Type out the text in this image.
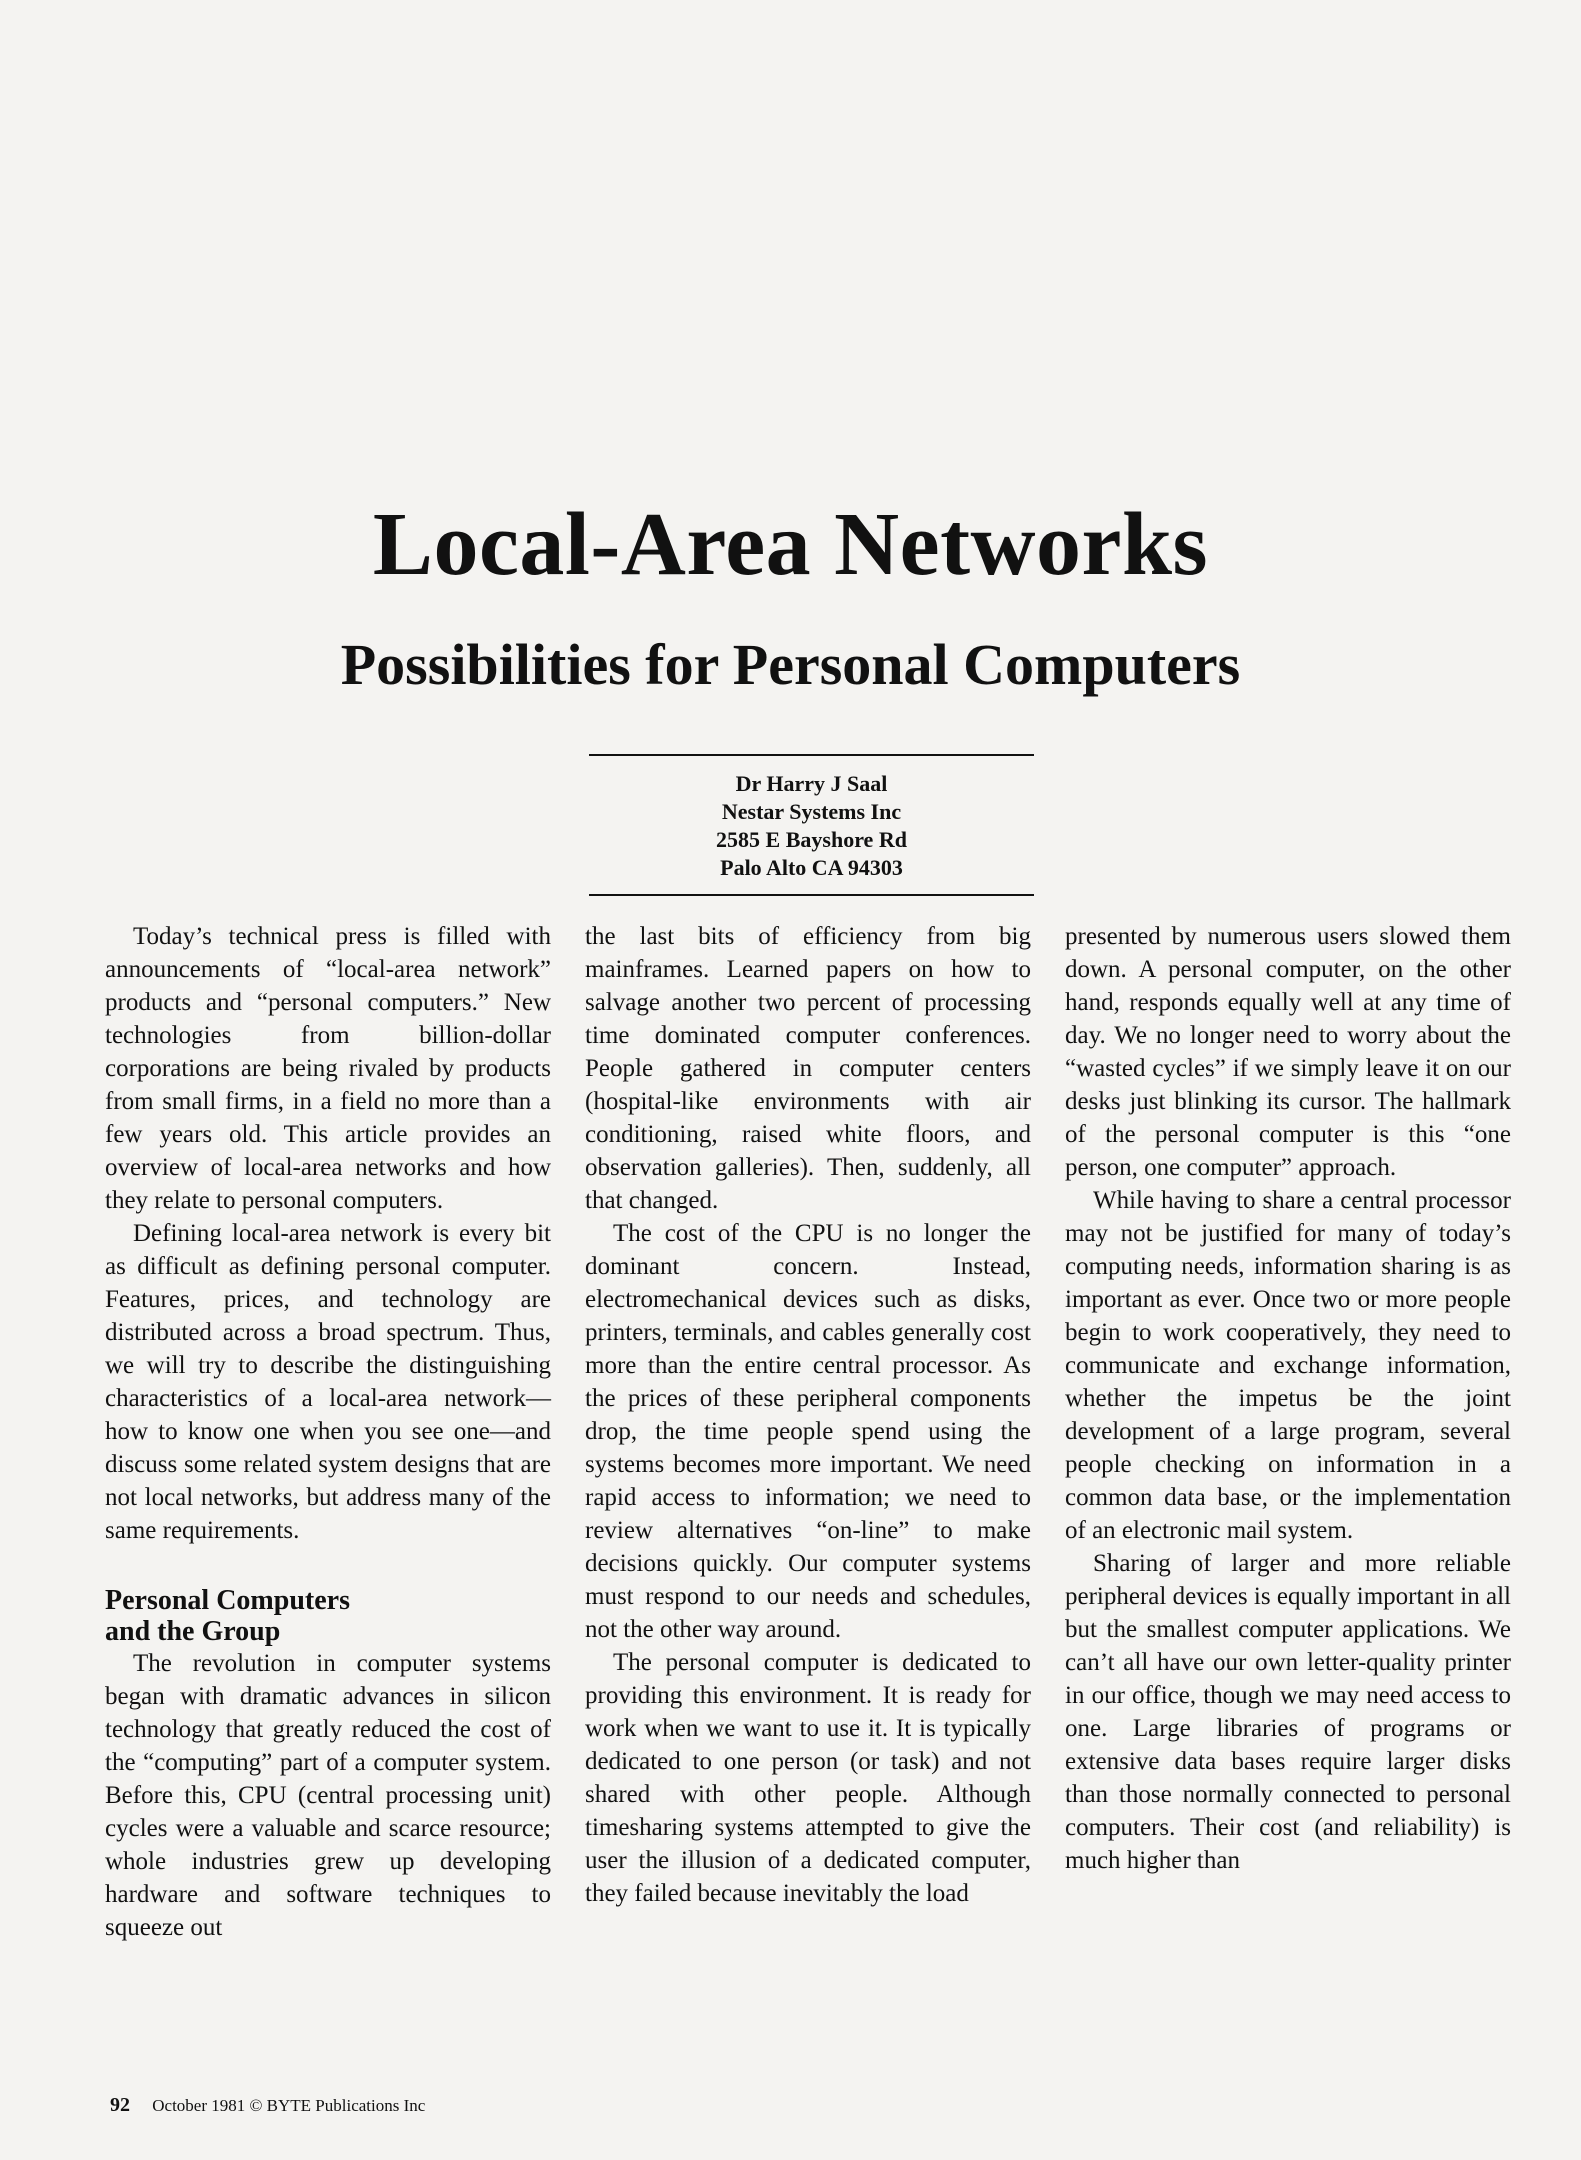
Local-Area Networks
Possibilities for Personal Computers
Dr Harry J Saal
Nestar Systems Inc
2585 E Bayshore Rd
Palo Alto CA 94303

Today’s technical press is filled with announcements of “local-area network” products and “personal computers.” New technologies from billion-dollar corporations are being rivaled by products from small firms, in a field no more than a few years old. This article provides an overview of local-area networks and how they relate to personal computers.

Defining local-area network is every bit as difficult as defining personal computer. Features, prices, and technology are distributed across a broad spectrum. Thus, we will try to describe the distinguishing characteristics of a local-area network—how to know one when you see one—and discuss some related system designs that are not local networks, but address many of the same requirements.

Personal Computers
and the Group

The revolution in computer systems began with dramatic advances in silicon technology that greatly reduced the cost of the “computing” part of a computer system. Before this, CPU (central processing unit) cycles were a valuable and scarce resource; whole industries grew up developing hardware and software techniques to squeeze out

the last bits of efficiency from big mainframes. Learned papers on how to salvage another two percent of processing time dominated computer conferences. People gathered in computer centers (hospital-like environments with air conditioning, raised white floors, and observation galleries). Then, suddenly, all that changed.

The cost of the CPU is no longer the dominant concern. Instead, electromechanical devices such as disks, printers, terminals, and cables generally cost more than the entire central processor. As the prices of these peripheral components drop, the time people spend using the systems becomes more important. We need rapid access to information; we need to review alternatives “on-line” to make decisions quickly. Our computer systems must respond to our needs and schedules, not the other way around.

The personal computer is dedicated to providing this environment. It is ready for work when we want to use it. It is typically dedicated to one person (or task) and not shared with other people. Although timesharing systems attempted to give the user the illusion of a dedicated computer, they failed because inevitably the load

presented by numerous users slowed them down. A personal computer, on the other hand, responds equally well at any time of day. We no longer need to worry about the “wasted cycles” if we simply leave it on our desks just blinking its cursor. The hallmark of the personal computer is this “one person, one computer” approach.

While having to share a central processor may not be justified for many of today’s computing needs, information sharing is as important as ever. Once two or more people begin to work cooperatively, they need to communicate and exchange information, whether the impetus be the joint development of a large program, several people checking on information in a common data base, or the implementation of an electronic mail system.

Sharing of larger and more reliable peripheral devices is equally important in all but the smallest computer applications. We can’t all have our own letter-quality printer in our office, though we may need access to one. Large libraries of programs or extensive data bases require larger disks than those normally connected to personal computers. Their cost (and reliability) is much higher than

92 October 1981 © BYTE Publications Inc
